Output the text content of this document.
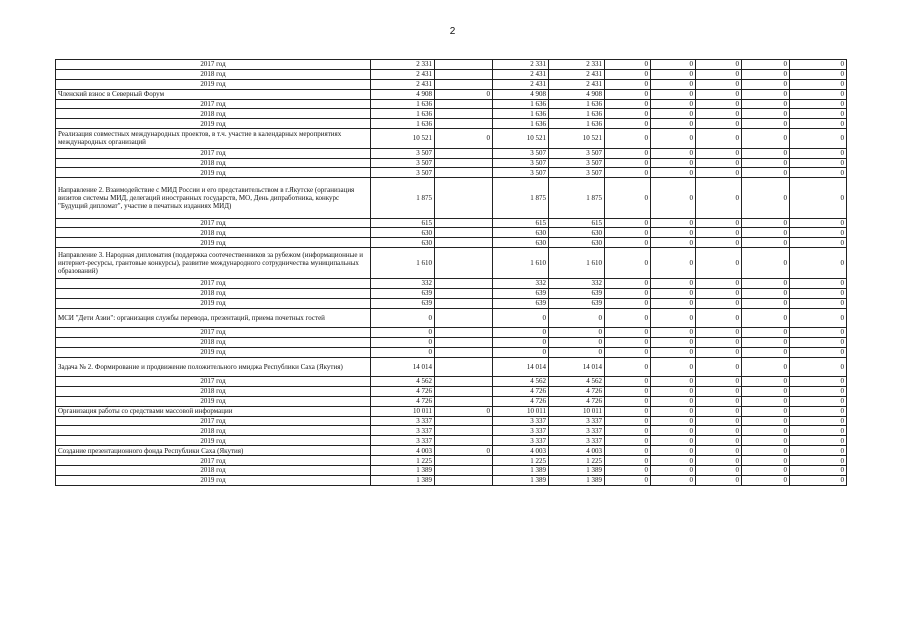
2
2017 год	2 331		2 331	2 331	0	0	0	0	0
2018 год	2 431		2 431	2 431	0	0	0	0	0
2019 год	2 431		2 431	2 431	0	0	0	0	0
Членский взнос в Северный Форум	4 908	0	4 908	4 908	0	0	0	0	0
2017 год	1 636		1 636	1 636	0	0	0	0	0
2018 год	1 636		1 636	1 636	0	0	0	0	0
2019 год	1 636		1 636	1 636	0	0	0	0	0
Реализация совместных международных проектов, в т.ч. участие в календарных мероприятиях международных организаций	10 521	0	10 521	10 521	0	0	0	0	0
2017 год	3 507		3 507	3 507	0	0	0	0	0
2018 год	3 507		3 507	3 507	0	0	0	0	0
2019 год	3 507		3 507	3 507	0	0	0	0	0
Направление 2. Взаимодействие с МИД России и его представительством в г.Якутске (организация визитов системы МИД, делегаций иностранных государств, МО, День дипработника, конкурс "Будущий дипломат", участие в печатных изданиях МИД)	1 875		1 875	1 875	0	0	0	0	0
2017 год	615		615	615	0	0	0	0	0
2018 год	630		630	630	0	0	0	0	0
2019 год	630		630	630	0	0	0	0	0
Направление 3. Народная дипломатия (поддержка соотечественников за рубежом (информационные и интернет-ресурсы, грантовые конкурсы), развитие международного сотрудничества муниципальных образований)	1 610		1 610	1 610	0	0	0	0	0
2017 год	332		332	332	0	0	0	0	0
2018 год	639		639	639	0	0	0	0	0
2019 год	639		639	639	0	0	0	0	0
МСИ "Дети Азии": организация службы перевода, презентаций, приема почетных гостей	0		0	0	0	0	0	0	0
2017 год	0		0	0	0	0	0	0	0
2018 год	0		0	0	0	0	0	0	0
2019 год	0		0	0	0	0	0	0	0
Задача № 2. Формирование и продвижение положительного имиджа Республики Саха (Якутия)	14 014		14 014	14 014	0	0	0	0	0
2017 год	4 562		4 562	4 562	0	0	0	0	0
2018 год	4 726		4 726	4 726	0	0	0	0	0
2019 год	4 726		4 726	4 726	0	0	0	0	0
Организация работы со средствами массовой информации	10 011	0	10 011	10 011	0	0	0	0	0
2017 год	3 337		3 337	3 337	0	0	0	0	0
2018 год	3 337		3 337	3 337	0	0	0	0	0
2019 год	3 337		3 337	3 337	0	0	0	0	0
Создание презентационного фонда Республики Саха (Якутия)	4 003	0	4 003	4 003	0	0	0	0	0
2017 год	1 225		1 225	1 225	0	0	0	0	0
2018 год	1 389		1 389	1 389	0	0	0	0	0
2019 год	1 389		1 389	1 389	0	0	0	0	0
